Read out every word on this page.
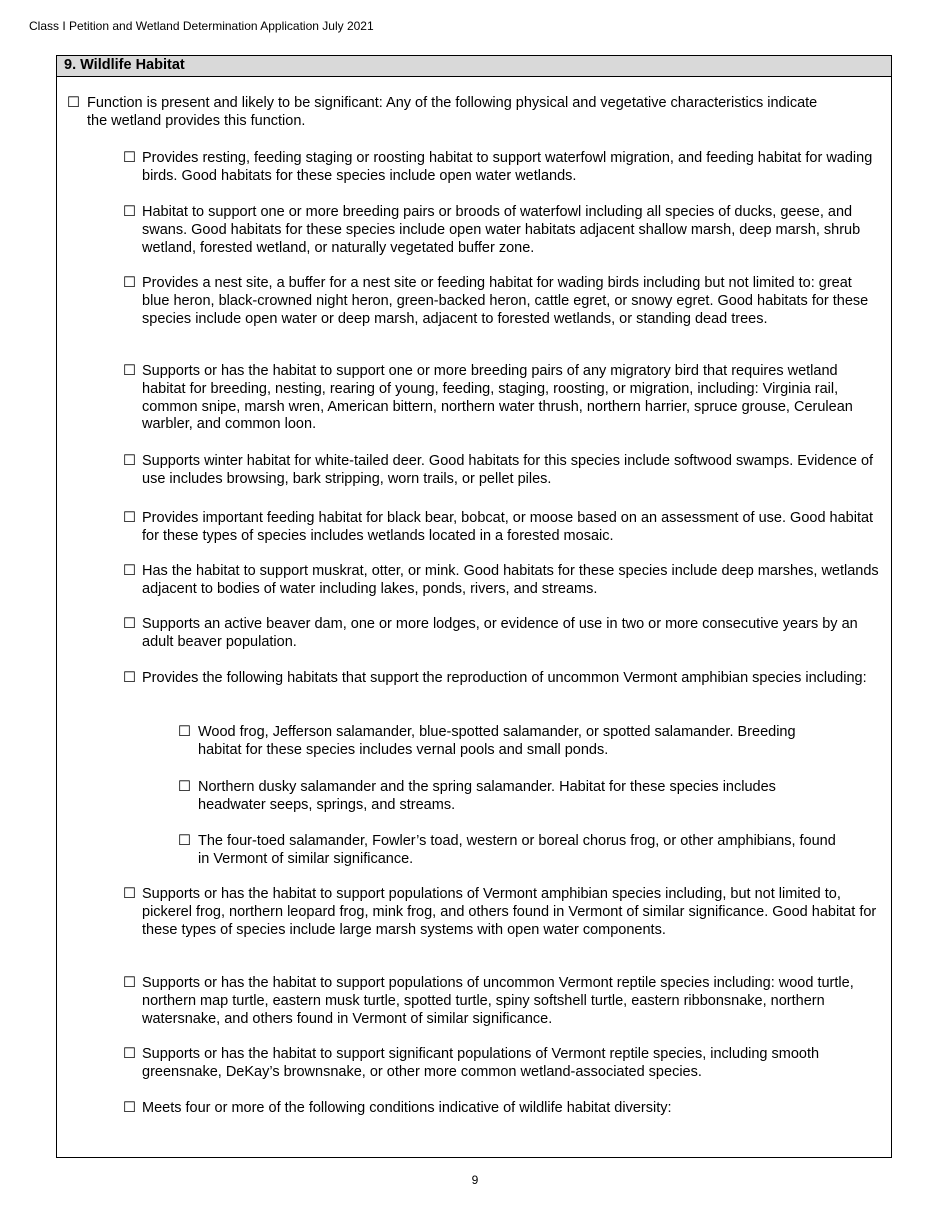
Class I Petition and Wetland Determination Application July 2021
9. Wildlife Habitat
☐ Function is present and likely to be significant: Any of the following physical and vegetative characteristics indicate the wetland provides this function.
☐ Provides resting, feeding staging or roosting habitat to support waterfowl migration, and feeding habitat for wading birds. Good habitats for these species include open water wetlands.
☐ Habitat to support one or more breeding pairs or broods of waterfowl including all species of ducks, geese, and swans. Good habitats for these species include open water habitats adjacent shallow marsh, deep marsh, shrub wetland, forested wetland, or naturally vegetated buffer zone.
☐ Provides a nest site, a buffer for a nest site or feeding habitat for wading birds including but not limited to: great blue heron, black-crowned night heron, green-backed heron, cattle egret, or snowy egret. Good habitats for these species include open water or deep marsh, adjacent to forested wetlands, or standing dead trees.
☐ Supports or has the habitat to support one or more breeding pairs of any migratory bird that requires wetland habitat for breeding, nesting, rearing of young, feeding, staging, roosting, or migration, including: Virginia rail, common snipe, marsh wren, American bittern, northern water thrush, northern harrier, spruce grouse, Cerulean warbler, and common loon.
☐ Supports winter habitat for white-tailed deer. Good habitats for this species include softwood swamps. Evidence of use includes browsing, bark stripping, worn trails, or pellet piles.
☐ Provides important feeding habitat for black bear, bobcat, or moose based on an assessment of use. Good habitat for these types of species includes wetlands located in a forested mosaic.
☐ Has the habitat to support muskrat, otter, or mink. Good habitats for these species include deep marshes, wetlands adjacent to bodies of water including lakes, ponds, rivers, and streams.
☐ Supports an active beaver dam, one or more lodges, or evidence of use in two or more consecutive years by an adult beaver population.
☐ Provides the following habitats that support the reproduction of uncommon Vermont amphibian species including:
☐ Wood frog, Jefferson salamander, blue-spotted salamander, or spotted salamander. Breeding habitat for these species includes vernal pools and small ponds.
☐ Northern dusky salamander and the spring salamander. Habitat for these species includes headwater seeps, springs, and streams.
☐ The four-toed salamander, Fowler’s toad, western or boreal chorus frog, or other amphibians, found in Vermont of similar significance.
☐ Supports or has the habitat to support populations of Vermont amphibian species including, but not limited to, pickerel frog, northern leopard frog, mink frog, and others found in Vermont of similar significance. Good habitat for these types of species include large marsh systems with open water components.
☐ Supports or has the habitat to support populations of uncommon Vermont reptile species including: wood turtle, northern map turtle, eastern musk turtle, spotted turtle, spiny softshell turtle, eastern ribbonsnake, northern watersnake, and others found in Vermont of similar significance.
☐ Supports or has the habitat to support significant populations of Vermont reptile species, including smooth greensnake, DeKay’s brownsnake, or other more common wetland-associated species.
☐ Meets four or more of the following conditions indicative of wildlife habitat diversity:
9
